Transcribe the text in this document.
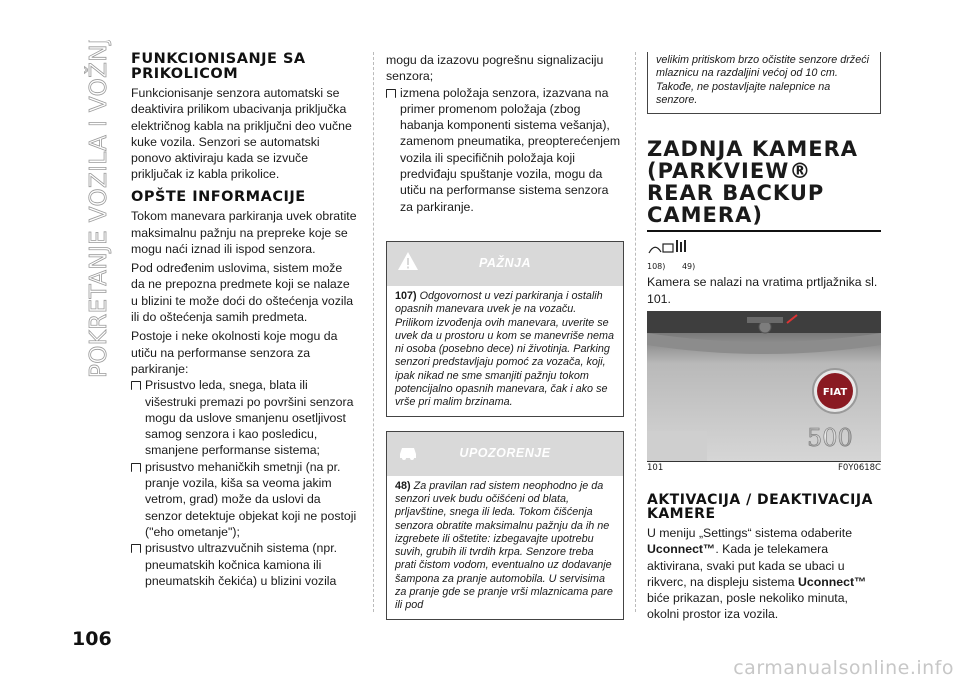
POKRETANJE VOZILA I VOŽNJA
106
FUNKCIONISANJE SA PRIKOLICOM

Funkcionisanje senzora automatski se deaktivira prilikom ubacivanja priključka električnog kabla na priključni deo vučne kuke vozila. Senzori se automatski ponovo aktiviraju kada se izvuče priključak iz kabla prikolice.

OPŠTE INFORMACIJE

Tokom manevara parkiranja uvek obratite maksimalnu pažnju na prepreke koje se mogu naći iznad ili ispod senzora.

Pod određenim uslovima, sistem može da ne prepozna predmete koji se nalaze u blizini te može doći do oštećenja vozila ili do oštećenja samih predmeta.

Postoje i neke okolnosti koje mogu da utiču na performanse senzora za parkiranje:

Prisustvo leda, snega, blata ili višestruki premazi po površini senzora mogu da uslove smanjenu osetljivost samog senzora i kao posledicu, smanjene performanse sistema;

prisustvo mehaničkih smetnji (na pr. pranje vozila, kiša sa veoma jakim vetrom, grad) može da uslovi da senzor detektuje objekat koji ne postoji ("eho ometanje");

prisustvo ultrazvučnih sistema (npr. pneumatskih kočnica kamiona ili pneumatskih čekića) u blizini vozila

mogu da izazovu pogrešnu signalizaciju senzora;

izmena položaja senzora, izazvana na primer promenom položaja (zbog habanja komponenti sistema vešanja), zamenom pneumatika, preopterećenjem vozila ili specifičnih položaja koji predviđaju spuštanje vozila, mogu da utiču na performanse sistema senzora za parkiranje.

PAŽNJA
107) Odgovornost u vezi parkiranja i ostalih opasnih manevara uvek je na vozaču. Prilikom izvođenja ovih manevara, uverite se uvek da u prostoru u kom se manevriše nema ni osoba (posebno dece) ni životinja. Parking senzori predstavljaju pomoć za vozača, koji, ipak nikad ne sme smanjiti pažnju tokom potencijalno opasnih manevara, čak i ako se vrše pri malim brzinama.
UPOZORENJE
48) Za pravilan rad sistem neophodno je da senzori uvek budu očišćeni od blata, prljavštine, snega ili leda. Tokom čišćenja senzora obratite maksimalnu pažnju da ih ne izgrebete ili oštetite: izbegavajte upotrebu suvih, grubih ili tvrdih krpa. Senzore treba prati čistom vodom, eventualno uz dodavanje šampona za pranje automobila. U servisima za pranje gde se pranje vrši mlaznicama pare ili pod
velikim pritiskom brzo očistite senzore držeći mlaznicu na razdaljini većoj od 10 cm. Takođe, ne postavljajte nalepnice na senzore.
ZADNJA KAMERA (PARKVIEW® REAR BACKUP CAMERA)
108) 49)

Kamera se nalazi na vratima prtljažnika sl. 101.

FIAT
500
101	F0Y0618C
AKTIVACIJA / DEAKTIVACIJA KAMERE

U meniju „Settings“ sistema odaberite Uconnect™. Kada je telekamera aktivirana, svaki put kada se ubaci u rikverc, na displeju sistema Uconnect™ biće prikazan, posle nekoliko minuta, okolni prostor iza vozila.

carmanualsonline.info
